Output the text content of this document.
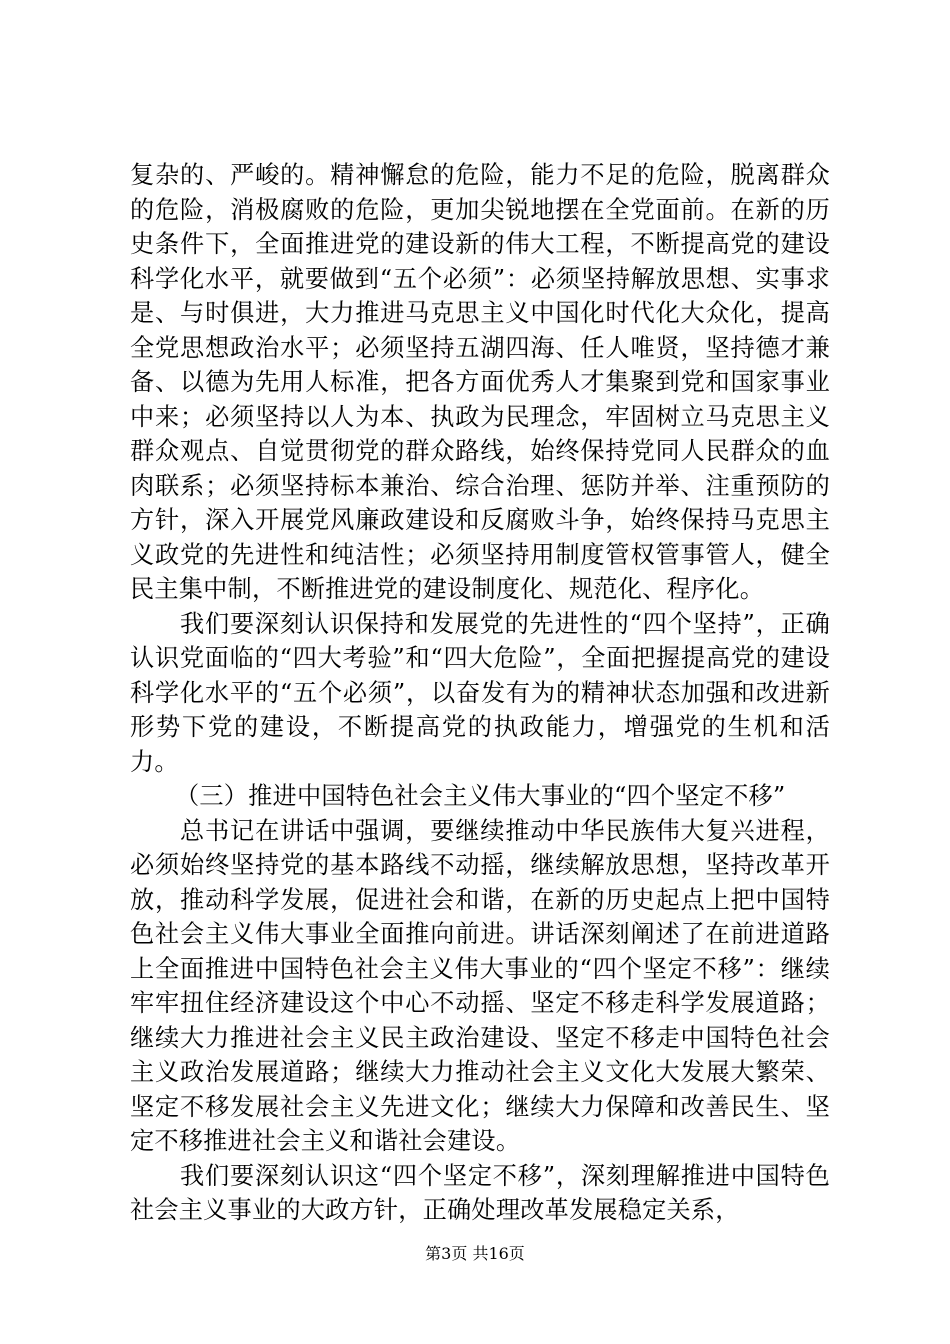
复杂的、严峻的。精神懈怠的危险，能力不足的危险，脱离群众的危险，消极腐败的危险，更加尖锐地摆在全党面前。在新的历史条件下，全面推进党的建设新的伟大工程，不断提高党的建设科学化水平，就要做到“五个必须”：必须坚持解放思想、实事求是、与时俱进，大力推进马克思主义中国化时代化大众化，提高全党思想政治水平；必须坚持五湖四海、任人唯贤，坚持德才兼备、以德为先用人标准，把各方面优秀人才集聚到党和国家事业中来；必须坚持以人为本、执政为民理念，牢固树立马克思主义群众观点、自觉贯彻党的群众路线，始终保持党同人民群众的血肉联系；必须坚持标本兼治、综合治理、惩防并举、注重预防的方针，深入开展党风廉政建设和反腐败斗争，始终保持马克思主义政党的先进性和纯洁性；必须坚持用制度管权管事管人，健全民主集中制，不断推进党的建设制度化、规范化、程序化。

我们要深刻认识保持和发展党的先进性的“四个坚持”，正确认识党面临的“四大考验”和“四大危险”，全面把握提高党的建设科学化水平的“五个必须”，以奋发有为的精神状态加强和改进新形势下党的建设，不断提高党的执政能力，增强党的生机和活力。

（三）推进中国特色社会主义伟大事业的“四个坚定不移”

总书记在讲话中强调，要继续推动中华民族伟大复兴进程，必须始终坚持党的基本路线不动摇，继续解放思想，坚持改革开放，推动科学发展，促进社会和谐，在新的历史起点上把中国特色社会主义伟大事业全面推向前进。讲话深刻阐述了在前进道路上全面推进中国特色社会主义伟大事业的“四个坚定不移”：继续牢牢扭住经济建设这个中心不动摇、坚定不移走科学发展道路；继续大力推进社会主义民主政治建设、坚定不移走中国特色社会主义政治发展道路；继续大力推动社会主义文化大发展大繁荣、坚定不移发展社会主义先进文化；继续大力保障和改善民生、坚定不移推进社会主义和谐社会建设。

我们要深刻认识这“四个坚定不移”，深刻理解推进中国特色社会主义事业的大政方针，正确处理改革发展稳定关系，

第3页 共16页
